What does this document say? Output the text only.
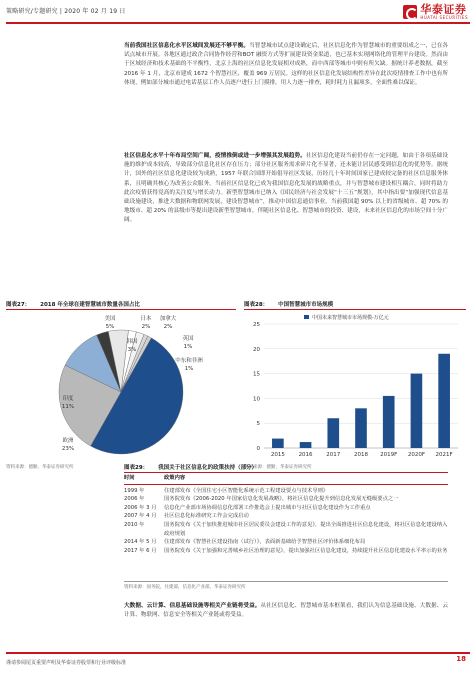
策略研究/专题研究 | 2020 年 02 月 19 日	华泰证券
HUATAI SECURITIES
当前我国社区信息化水平区域间发展还不够平衡。当智慧城市试点建设确定后，社区信息化作为智慧城市的重要组成之一，已在各试点城市开展。各地区通过政企合同协作经营和BOT 融资方式等扩展建设资金渠道，也已基本实现网络化的管理平台建设。然而由于区域经济和技术基础的不平衡性，北京上海的社区信息化发展相对成熟，而中西部等城市中则有所欠缺。据统计养老数据，截至 2016 年 1 月，北京市建成 1672 个智慧社区，覆盖 969 万居民。这样的社区信息化发展结构性差异在此次疫情排查工作中也有所体现，例如部分城市通过电话基层工作人员逐户进行上门摸排，用人力逐一排查，耗时耗力且漏项多，全面性难以保证。
社区信息化水平十年布局空间广阔，疫情推倒或进一步增强其发展趋势。社区信息化建设当前仍存在一定问题，如由于各项基础设施的维护成本较高，导致部分信息化社区存在压力；部分社区服务需求碎片化不显著，还未能让居民感受到信息化的优势等。据统计，国外的社区信息化建设较为成熟，1957 年联合国即开始倡导社区发展，历经几十年时间国家已建成较完备的社区信息服务体系，且明确其核心为改善公众服务。当前社区信息化已成为我国信息化发展的战略重点，并与智慧城市建设相互耦合，同时将助力此次疫情获得党高的关注度与增长动力。新型智慧城市已纳入《国民经济与社会发展“十三五”规划》，其中指出要“加强现代信息基础设施建设，推进大数据和物联网发展，建设智慧城市”，推动中国信息通信事业，当前我国超 90% 以上的省级城市、超 70% 的地级市、超 20% 的县级市等提出建设新型智慧城市，伴随社区信息化、智慧城市的投资、建设，未来社区信息化的市场空间十分广阔。
图表27： 2018 年全球在建智慧城市数量各国占比	图表28： 中国智慧城市市场规模
中国
48%
欧洲
23%
印度
11%
美国
5%
韩国
3%
日本
2%
加拿大
2%
英国
1%
中东和非洲
1%
0
5
10
15
20
25
中国未来智慧城市市场规模-万亿元
2015 2016 2017 2018 2019F 2020F 2021F
资料来源：德勤，华泰证券研究所	资料来源：德勤，华泰证券研究所
图表29： 我国关于社区信息化的政策扶持（部分）
时间	政策内容
1999 年	住建部发布《全国住宅小区智能化系统示范工程建设要点与技术导则》
2006 年	国务院发布《2006-2020 年国家信息化发展战略》，将社区信息化提升到信息化发展无缝级要点之一
2006 年 3 月	信息化产业部市场协调信息化部署工作推选会上提出城市与社区信息化建设作为工作重点
2007 年 4 月	社区信息化标准研究工作会完成启动
2010 年	国务院发布《关于加快推进城市社区居民委员会建设工作的意见》，提出全面推进社区信息化建设，将社区信息化建设纳入政府规划
2014 年 5 月	住建部发布《智慧社区建设指南（试行）》，表面新基础给予智慧社区评价体系细化布局
2017 年 6 月	国务院发布《关于加强和完善城乡社区治理的意见》，提出加强社区信息化建设，持续提升社区信息化建设水平率示的业务
资料来源：国务院，住建部，信息化产业部，华泰证券研究所
大数据、云计算、信息基础设施等相关产业链将受益。从社区信息化、智慧城市基本框架看，我们认为信息基础设施、大数据、云计算、物联网、信息安全等相关产业链或将受益。
谨请参阅尾页重要声明及华泰证券股票和行业评级标准	18
